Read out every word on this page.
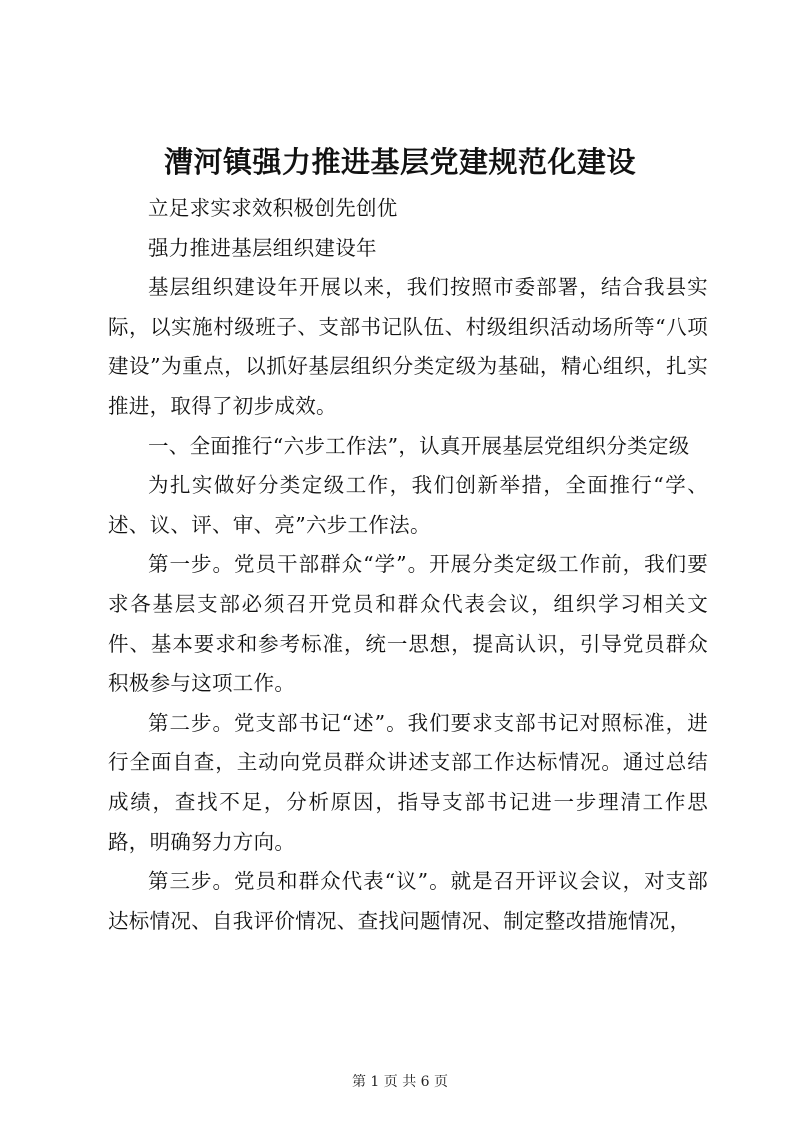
漕河镇强力推进基层党建规范化建设

立足求实求效积极创先创优

强力推进基层组织建设年

基层组织建设年开展以来，我们按照市委部署，结合我县实际，以实施村级班子、支部书记队伍、村级组织活动场所等“八项建设”为重点，以抓好基层组织分类定级为基础，精心组织，扎实推进，取得了初步成效。

一、全面推行“六步工作法”，认真开展基层党组织分类定级

为扎实做好分类定级工作，我们创新举措，全面推行“学、述、议、评、审、亮”六步工作法。

第一步。党员干部群众“学”。开展分类定级工作前，我们要求各基层支部必须召开党员和群众代表会议，组织学习相关文件、基本要求和参考标准，统一思想，提高认识，引导党员群众积极参与这项工作。

第二步。党支部书记“述”。我们要求支部书记对照标准，进行全面自查，主动向党员群众讲述支部工作达标情况。通过总结成绩，查找不足，分析原因，指导支部书记进一步理清工作思路，明确努力方向。

第三步。党员和群众代表“议”。就是召开评议会议，对支部达标情况、自我评价情况、查找问题情况、制定整改措施情况，

第 1 页 共 6 页
